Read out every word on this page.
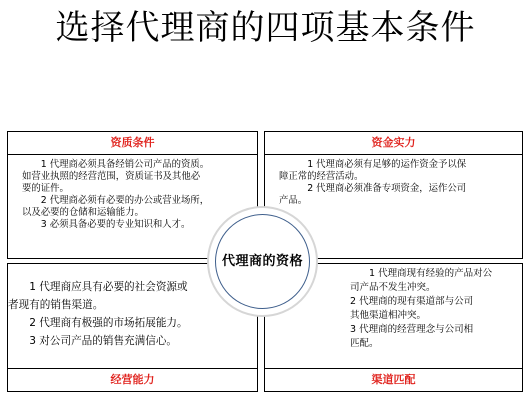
选择代理商的四项基本条件
资质条件

1 代理商必须具备经销公司产品的资质。

如营业执照的经营范围，资质证书及其他必

要的证件。

2 代理商必须有必要的办公或营业场所，

以及必要的仓储和运输能力。

3 必须具备必要的专业知识和人才。

资金实力

1 代理商必须有足够的运作资金予以保

障正常的经营活动。

2 代理商必须准备专项资金，运作公司

产品。

1 代理商应具有必要的社会资源或

者现有的销售渠道。

2 代理商有极强的市场拓展能力。

3 对公司产品的销售充满信心。

经营能力

1 代理商现有经验的产品对公

司产品不发生冲突。

2 代理商的现有渠道部与公司

其他渠道相冲突。

3 代理商的经营理念与公司相

匹配。

渠道匹配
代理商的资格
